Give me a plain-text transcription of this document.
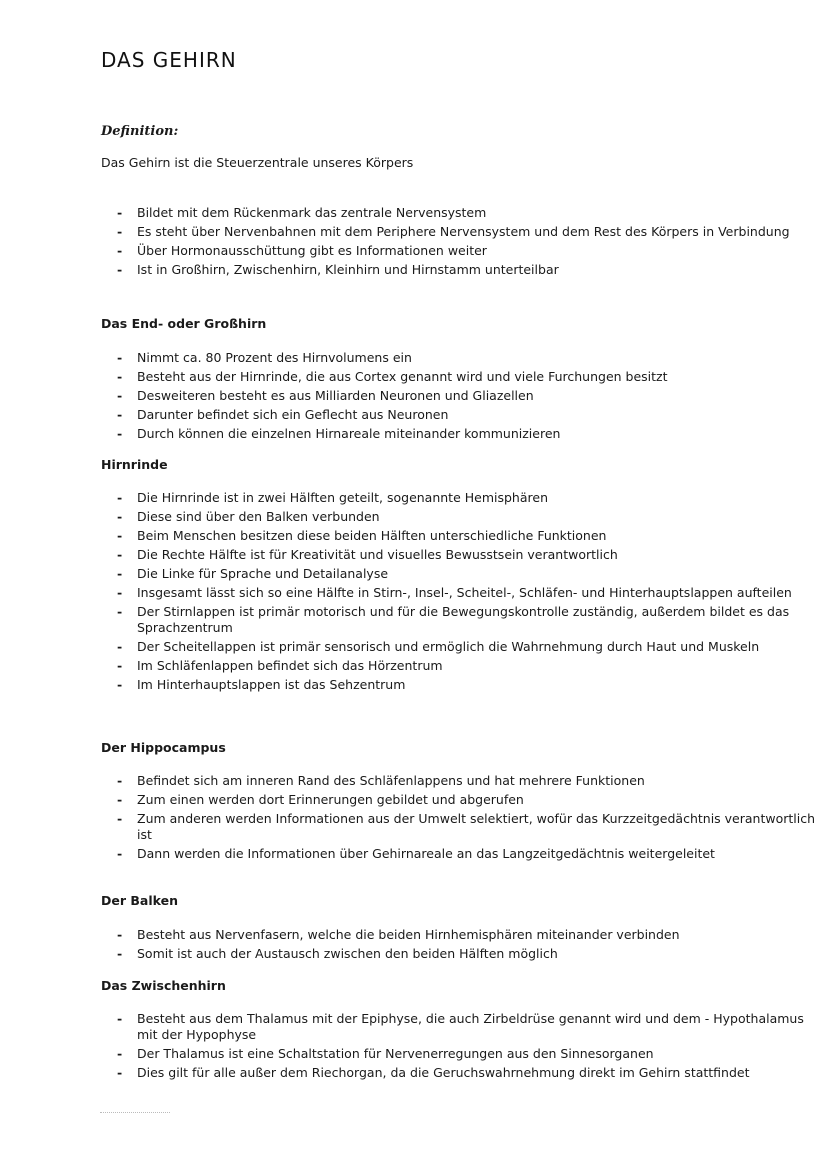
DAS GEHIRN
Definition:
Das Gehirn ist die Steuerzentrale unseres Körpers
- Bildet mit dem Rückenmark das zentrale Nervensystem
- Es steht über Nervenbahnen mit dem Periphere Nervensystem und dem Rest des Körpers in Verbindung
- Über Hormonausschüttung gibt es Informationen weiter
- Ist in Großhirn, Zwischenhirn, Kleinhirn und Hirnstamm unterteilbar
Das End- oder Großhirn
- Nimmt ca. 80 Prozent des Hirnvolumens ein
- Besteht aus der Hirnrinde, die aus Cortex genannt wird und viele Furchungen besitzt
- Desweiteren besteht es aus Milliarden Neuronen und Gliazellen
- Darunter befindet sich ein Geflecht aus Neuronen
- Durch können die einzelnen Hirnareale miteinander kommunizieren
Hirnrinde
- Die Hirnrinde ist in zwei Hälften geteilt, sogenannte Hemisphären
- Diese sind über den Balken verbunden
- Beim Menschen besitzen diese beiden Hälften unterschiedliche Funktionen
- Die Rechte Hälfte ist für Kreativität und visuelles Bewusstsein verantwortlich
- Die Linke für Sprache und Detailanalyse
- Insgesamt lässt sich so eine Hälfte in Stirn-, Insel-, Scheitel-, Schläfen- und Hinterhauptslappen aufteilen
- Der Stirnlappen ist primär motorisch und für die Bewegungskontrolle zuständig, außerdem bildet es das Sprachzentrum
- Der Scheitellappen ist primär sensorisch und ermöglich die Wahrnehmung durch Haut und Muskeln
- Im Schläfenlappen befindet sich das Hörzentrum
- Im Hinterhauptslappen ist das Sehzentrum
Der Hippocampus
- Befindet sich am inneren Rand des Schläfenlappens und hat mehrere Funktionen
- Zum einen werden dort Erinnerungen gebildet und abgerufen
- Zum anderen werden Informationen aus der Umwelt selektiert, wofür das Kurzzeitgedächtnis verantwortlich ist
- Dann werden die Informationen über Gehirnareale an das Langzeitgedächtnis weitergeleitet
Der Balken
- Besteht aus Nervenfasern, welche die beiden Hirnhemisphären miteinander verbinden
- Somit ist auch der Austausch zwischen den beiden Hälften möglich
Das Zwischenhirn
- Besteht aus dem Thalamus mit der Epiphyse, die auch Zirbeldrüse genannt wird und dem - Hypothalamus mit der Hypophyse
- Der Thalamus ist eine Schaltstation für Nervenerregungen aus den Sinnesorganen
- Dies gilt für alle außer dem Riechorgan, da die Geruchswahrnehmung direkt im Gehirn stattfindet
